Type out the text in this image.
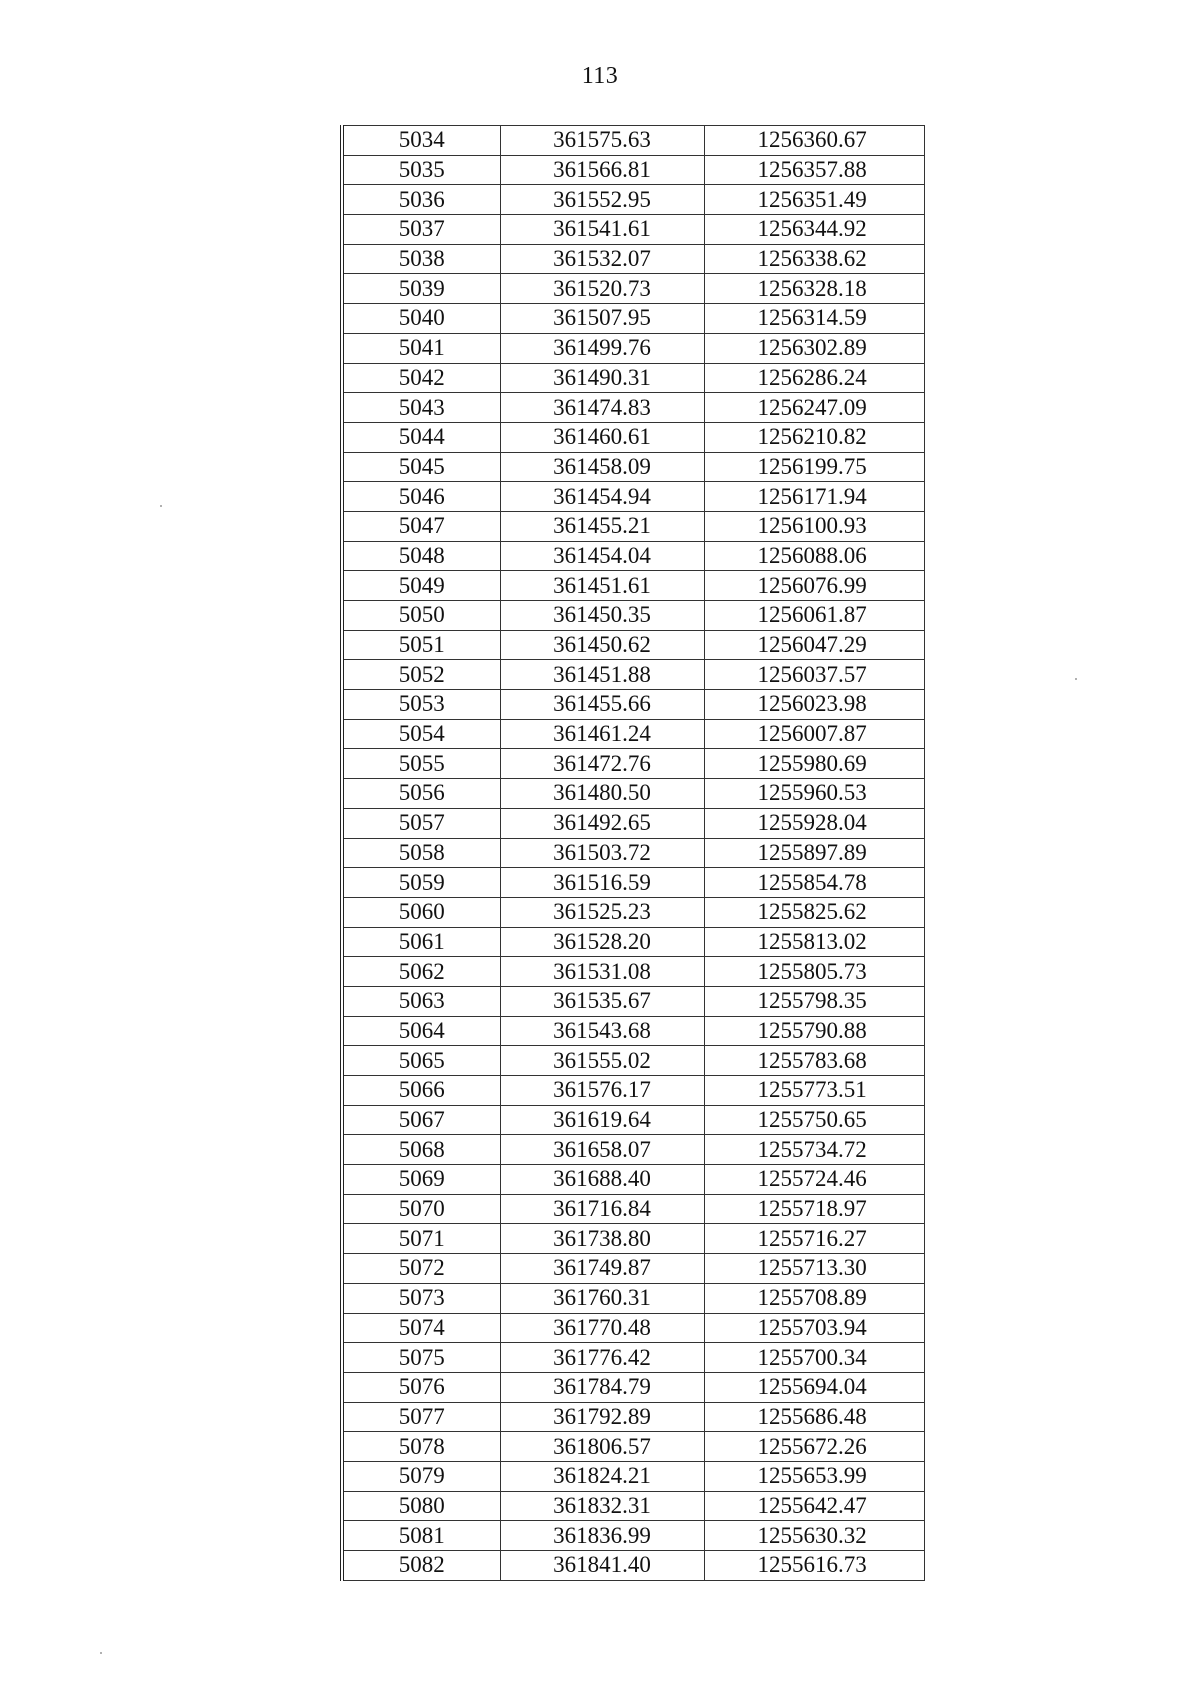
113
5034	361575.63	1256360.67
5035	361566.81	1256357.88
5036	361552.95	1256351.49
5037	361541.61	1256344.92
5038	361532.07	1256338.62
5039	361520.73	1256328.18
5040	361507.95	1256314.59
5041	361499.76	1256302.89
5042	361490.31	1256286.24
5043	361474.83	1256247.09
5044	361460.61	1256210.82
5045	361458.09	1256199.75
5046	361454.94	1256171.94
5047	361455.21	1256100.93
5048	361454.04	1256088.06
5049	361451.61	1256076.99
5050	361450.35	1256061.87
5051	361450.62	1256047.29
5052	361451.88	1256037.57
5053	361455.66	1256023.98
5054	361461.24	1256007.87
5055	361472.76	1255980.69
5056	361480.50	1255960.53
5057	361492.65	1255928.04
5058	361503.72	1255897.89
5059	361516.59	1255854.78
5060	361525.23	1255825.62
5061	361528.20	1255813.02
5062	361531.08	1255805.73
5063	361535.67	1255798.35
5064	361543.68	1255790.88
5065	361555.02	1255783.68
5066	361576.17	1255773.51
5067	361619.64	1255750.65
5068	361658.07	1255734.72
5069	361688.40	1255724.46
5070	361716.84	1255718.97
5071	361738.80	1255716.27
5072	361749.87	1255713.30
5073	361760.31	1255708.89
5074	361770.48	1255703.94
5075	361776.42	1255700.34
5076	361784.79	1255694.04
5077	361792.89	1255686.48
5078	361806.57	1255672.26
5079	361824.21	1255653.99
5080	361832.31	1255642.47
5081	361836.99	1255630.32
5082	361841.40	1255616.73
